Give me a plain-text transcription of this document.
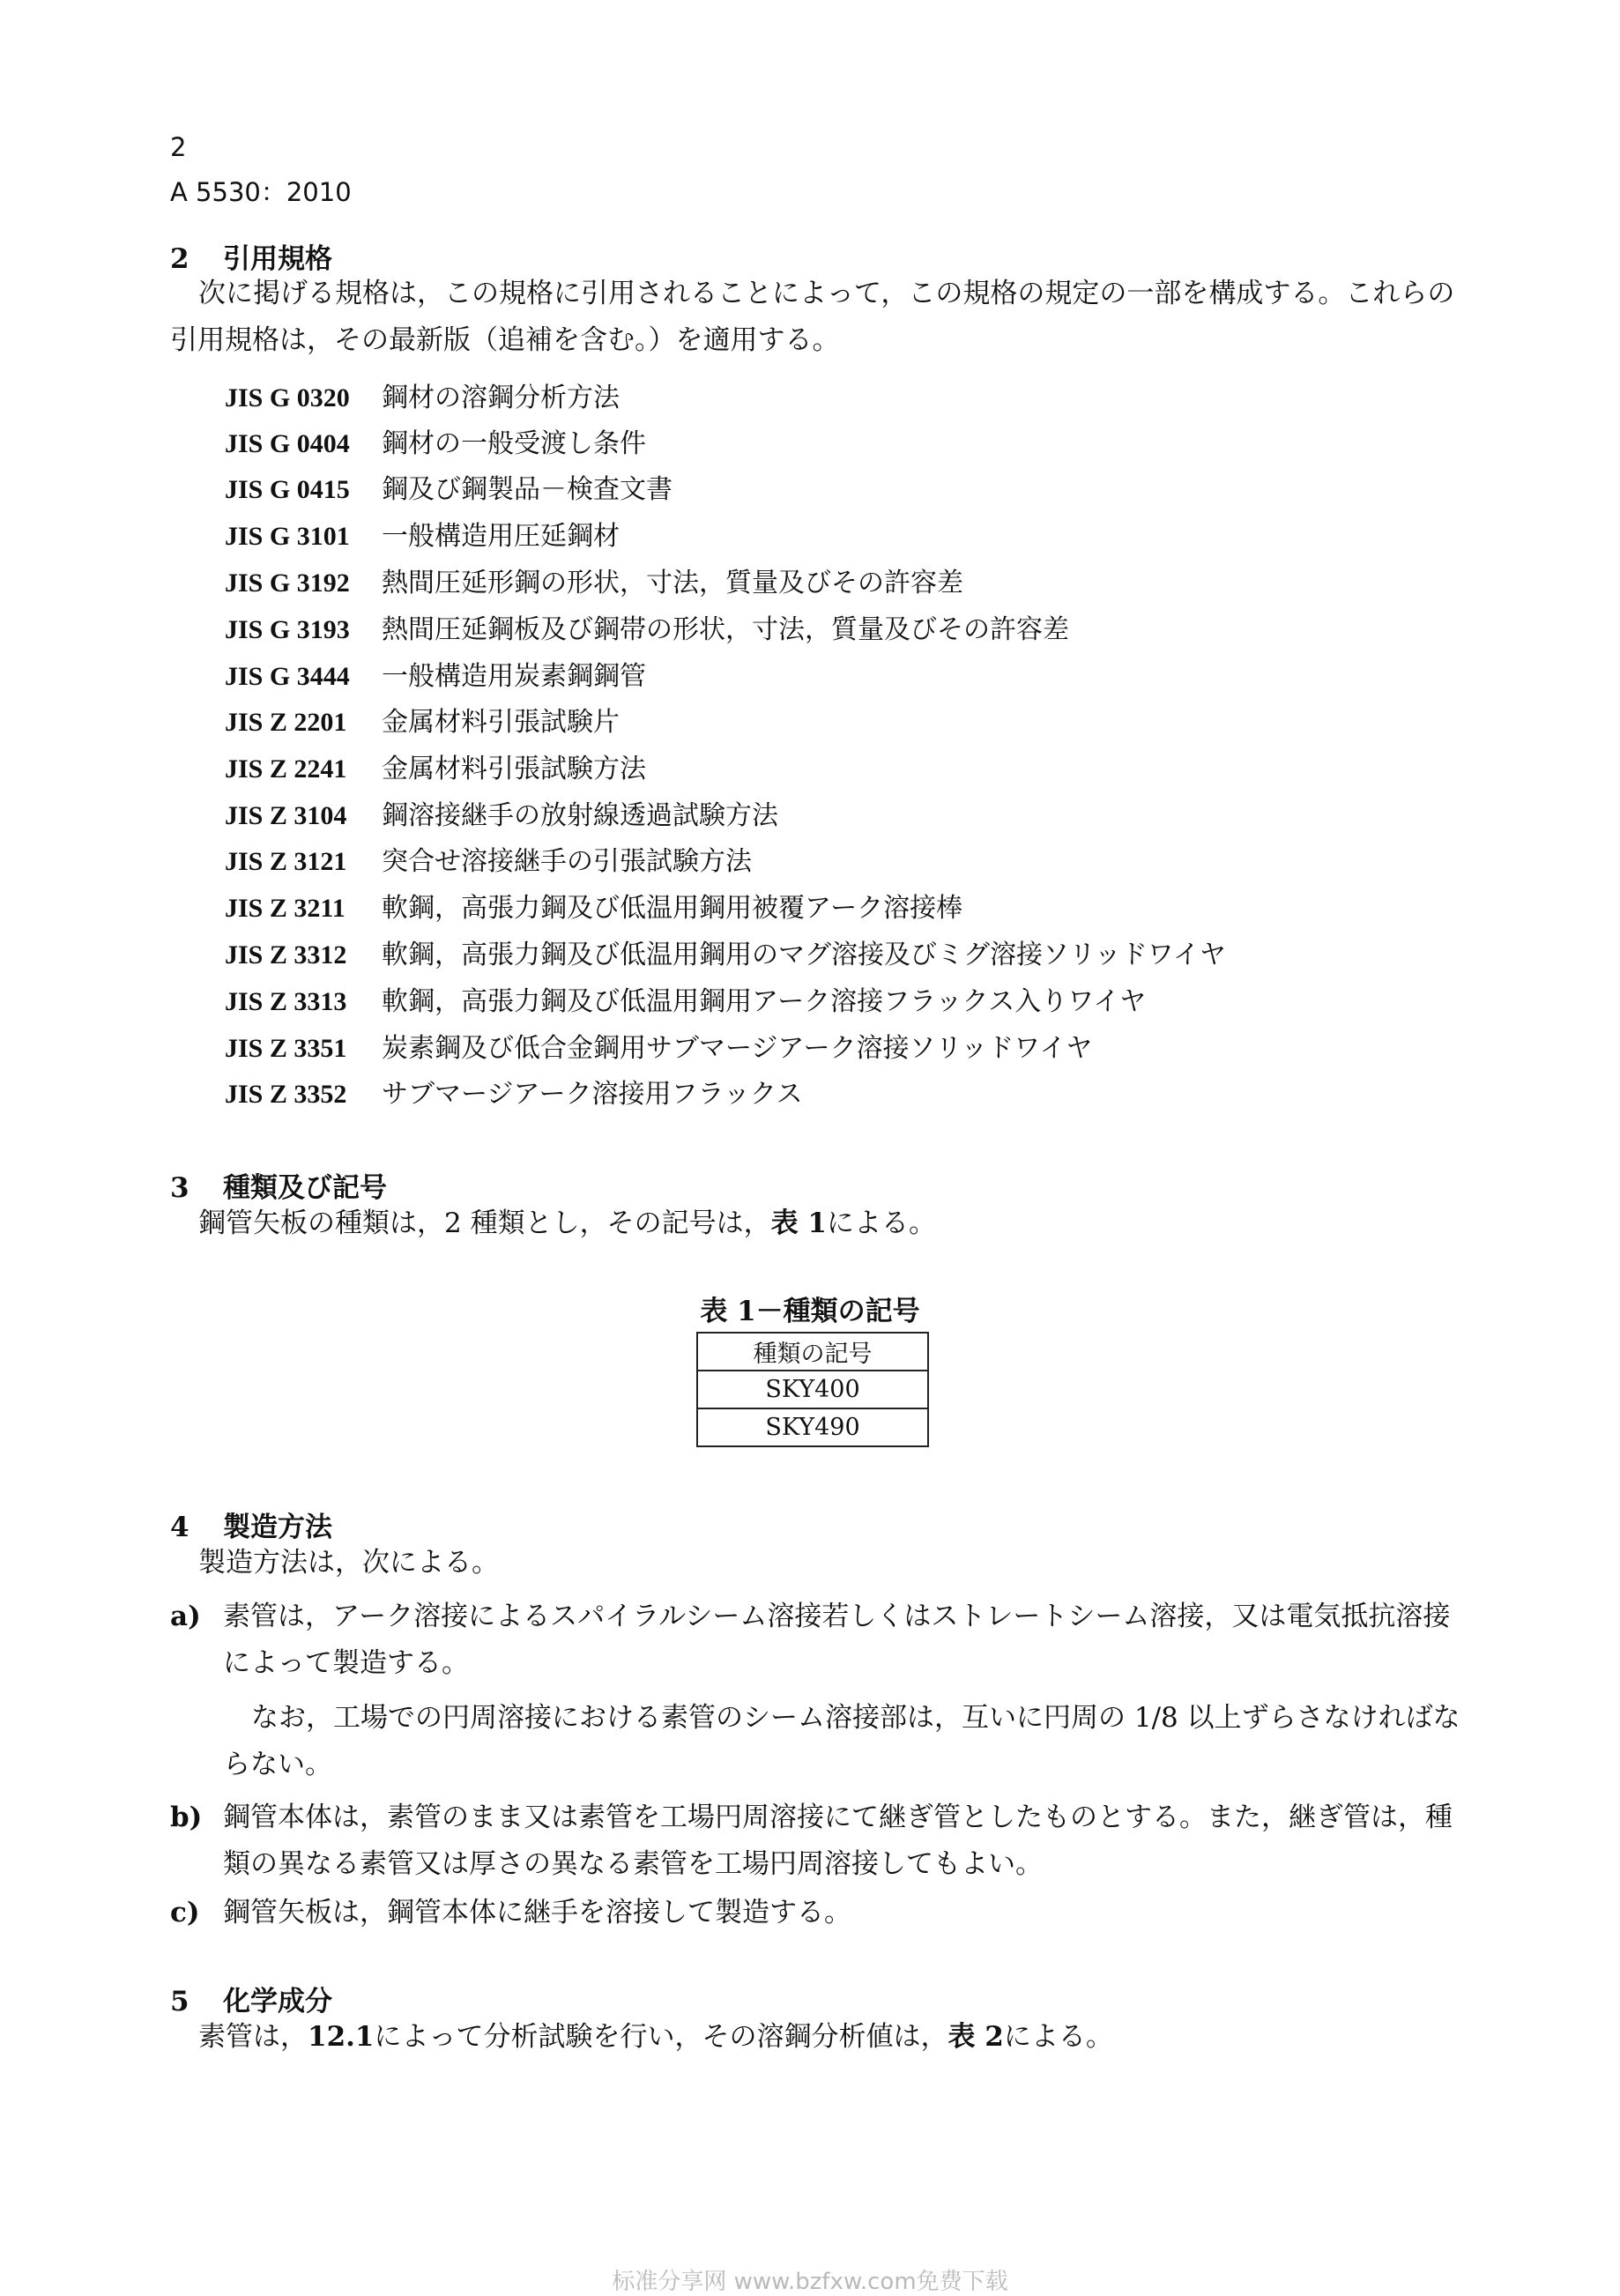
2
A 5530：2010
2 引用規格
次に掲げる規格は，この規格に引用されることによって，この規格の規定の一部を構成する。これらの
引用規格は，その最新版（追補を含む。）を適用する。
JIS G 0320 鋼材の溶鋼分析方法
JIS G 0404 鋼材の一般受渡し条件
JIS G 0415 鋼及び鋼製品－検査文書
JIS G 3101 一般構造用圧延鋼材
JIS G 3192 熱間圧延形鋼の形状，寸法，質量及びその許容差
JIS G 3193 熱間圧延鋼板及び鋼帯の形状，寸法，質量及びその許容差
JIS G 3444 一般構造用炭素鋼鋼管
JIS Z 2201 金属材料引張試験片
JIS Z 2241 金属材料引張試験方法
JIS Z 3104 鋼溶接継手の放射線透過試験方法
JIS Z 3121 突合せ溶接継手の引張試験方法
JIS Z 3211 軟鋼，高張力鋼及び低温用鋼用被覆アーク溶接棒
JIS Z 3312 軟鋼，高張力鋼及び低温用鋼用のマグ溶接及びミグ溶接ソリッドワイヤ
JIS Z 3313 軟鋼，高張力鋼及び低温用鋼用アーク溶接フラックス入りワイヤ
JIS Z 3351 炭素鋼及び低合金鋼用サブマージアーク溶接ソリッドワイヤ
JIS Z 3352 サブマージアーク溶接用フラックス
3 種類及び記号
鋼管矢板の種類は，2 種類とし，その記号は，表 1による。
表 1－種類の記号
種類の記号
SKY400
SKY490
4 製造方法
製造方法は，次による。
a) 素管は，アーク溶接によるスパイラルシーム溶接若しくはストレートシーム溶接，又は電気抵抗溶接
によって製造する。
なお，工場での円周溶接における素管のシーム溶接部は，互いに円周の 1/8 以上ずらさなければな
らない。
b) 鋼管本体は，素管のまま又は素管を工場円周溶接にて継ぎ管としたものとする。また，継ぎ管は，種
類の異なる素管又は厚さの異なる素管を工場円周溶接してもよい。
c) 鋼管矢板は，鋼管本体に継手を溶接して製造する。
5 化学成分
素管は，12.1によって分析試験を行い，その溶鋼分析値は，表 2による。
标准分享网 www.bzfxw.com免费下载
